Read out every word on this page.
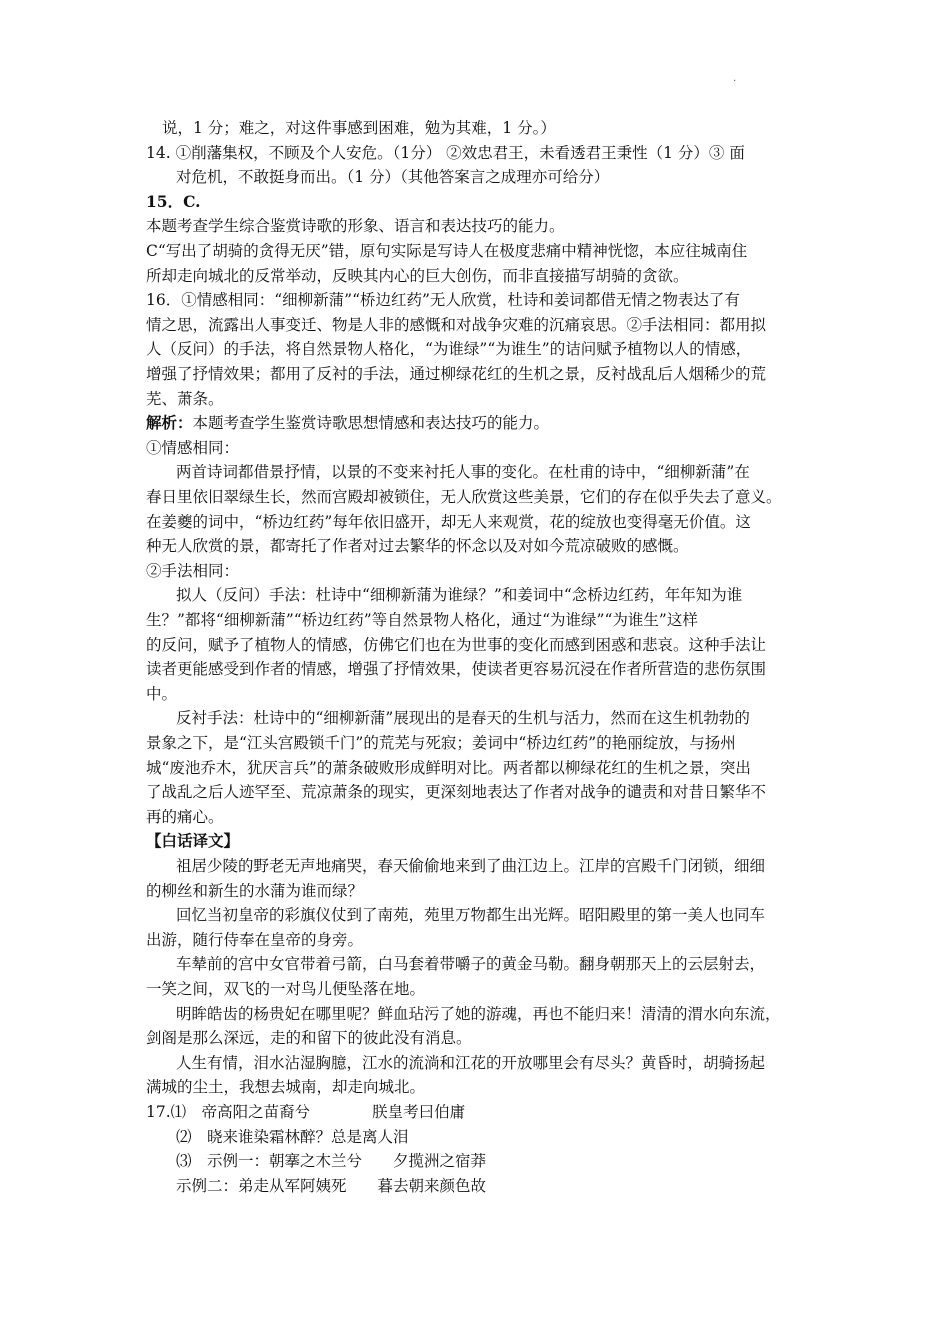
·
说，1 分；难之，对这件事感到困难，勉为其难，1 分。）
14. ①削藩集权，不顾及个人安危。（1分） ②效忠君王，未看透君王秉性（1 分）③ 面
对危机，不敢挺身而出。（1 分）（其他答案言之成理亦可给分）
15．C.
本题考查学生综合鉴赏诗歌的形象、语言和表达技巧的能力。
C“写出了胡骑的贪得无厌”错，原句实际是写诗人在极度悲痛中精神恍惚，本应往城南住
所却走向城北的反常举动，反映其内心的巨大创伤，而非直接描写胡骑的贪欲。
16．①情感相同：“细柳新蒲”“桥边红药”无人欣赏，杜诗和姜词都借无情之物表达了有
情之思，流露出人事变迁、物是人非的感慨和对战争灾难的沉痛哀思。②手法相同：都用拟
人（反问）的手法，将自然景物人格化，“为谁绿”“为谁生”的诘问赋予植物以人的情感，
增强了抒情效果；都用了反衬的手法，通过柳绿花红的生机之景，反衬战乱后人烟稀少的荒
芜、萧条。
解析：本题考查学生鉴赏诗歌思想情感和表达技巧的能力。
①情感相同：
两首诗词都借景抒情，以景的不变来衬托人事的变化。在杜甫的诗中，“细柳新蒲”在
春日里依旧翠绿生长，然而宫殿却被锁住，无人欣赏这些美景，它们的存在似乎失去了意义。
在姜夔的词中，“桥边红药”每年依旧盛开，却无人来观赏，花的绽放也变得毫无价值。这
种无人欣赏的景，都寄托了作者对过去繁华的怀念以及对如今荒凉破败的感慨。
②手法相同：
拟人（反问）手法：杜诗中“细柳新蒲为谁绿？”和姜词中“念桥边红药，年年知为谁
生？”都将“细柳新蒲”“桥边红药”等自然景物人格化，通过“为谁绿”“为谁生”这样
的反问，赋予了植物人的情感，仿佛它们也在为世事的变化而感到困惑和悲哀。这种手法让
读者更能感受到作者的情感，增强了抒情效果，使读者更容易沉浸在作者所营造的悲伤氛围
中。
反衬手法：杜诗中的“细柳新蒲”展现出的是春天的生机与活力，然而在这生机勃勃的
景象之下，是“江头宫殿锁千门”的荒芜与死寂；姜词中“桥边红药”的艳丽绽放，与扬州
城“废池乔木，犹厌言兵”的萧条破败形成鲜明对比。两者都以柳绿花红的生机之景，突出
了战乱之后人迹罕至、荒凉萧条的现实，更深刻地表达了作者对战争的谴责和对昔日繁华不
再的痛心。
【白话译文】
祖居少陵的野老无声地痛哭，春天偷偷地来到了曲江边上。江岸的宫殿千门闭锁，细细
的柳丝和新生的水蒲为谁而绿？
回忆当初皇帝的彩旗仪仗到了南苑，苑里万物都生出光辉。昭阳殿里的第一美人也同车
出游，随行侍奉在皇帝的身旁。
车辇前的宫中女官带着弓箭，白马套着带嚼子的黄金马勒。翻身朝那天上的云层射去，
一笑之间，双飞的一对鸟儿便坠落在地。
明眸皓齿的杨贵妃在哪里呢？鲜血玷污了她的游魂，再也不能归来！清清的渭水向东流，
剑阁是那么深远，走的和留下的彼此没有消息。
人生有情，泪水沾湿胸臆，江水的流淌和江花的开放哪里会有尽头？黄昏时，胡骑扬起
满城的尘土，我想去城南，却走向城北。
17.⑴　帝高阳之苗裔兮　　　　朕皇考曰伯庸
⑵　晓来谁染霜林醉？总是离人泪
⑶　示例一：朝搴之木兰兮　　夕揽洲之宿莽
示例二：弟走从军阿姨死　　暮去朝来颜色故
